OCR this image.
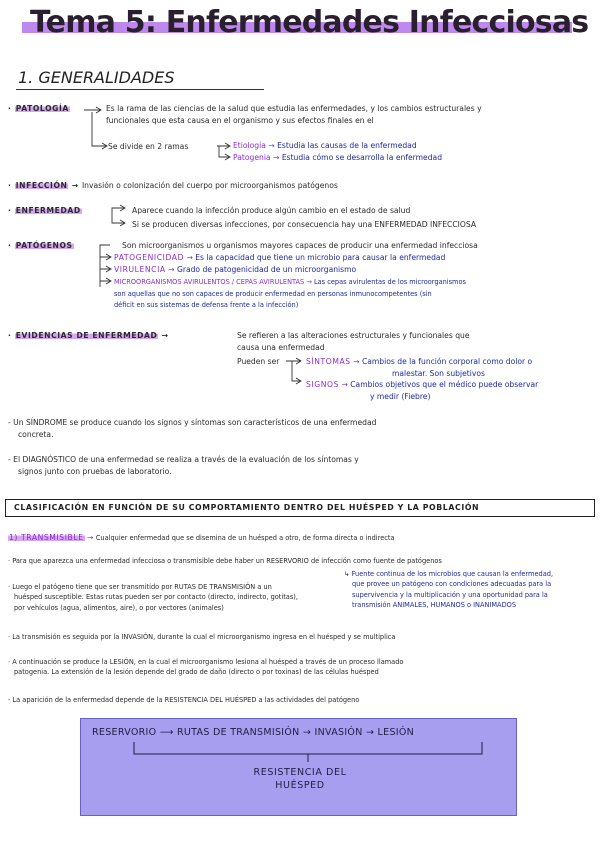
Tema 5: Enfermedades Infecciosas
1. GENERALIDADES
· PATOLOGÍA	Es la rama de las ciencias de la salud que estudia las enfermedades, y los cambios estructurales y
funcionales que esta causa en el organismo y sus efectos finales en el
Se divide en 2 ramas	Etiología → Estudia las causas de la enfermedad
Patogenia → Estudia cómo se desarrolla la enfermedad
· INFECCIÓN → Invasión o colonización del cuerpo por microorganismos patógenos
· ENFERMEDAD	Aparece cuando la infección produce algún cambio en el estado de salud
Si se producen diversas infecciones, por consecuencia hay una ENFERMEDAD INFECCIOSA
· PATÓGENOS	Son microorganismos u organismos mayores capaces de producir una enfermedad infecciosa
PATOGENICIDAD → Es la capacidad que tiene un microbio para causar la enfermedad
VIRULENCIA → Grado de patogenicidad de un microorganismo
MICROORGANISMOS AVIRULENTOS / CEPAS AVIRULENTAS → Las cepas avirulentas de los microorganismos
son aquellas que no son capaces de producir enfermedad en personas inmunocompetentes (sin
déficit en sus sistemas de defensa frente a la infección)
· EVIDENCIAS DE ENFERMEDAD →	Se refieren a las alteraciones estructurales y funcionales que
causa una enfermedad
Pueden ser	SÍNTOMAS → Cambios de la función corporal como dolor o
malestar. Son subjetivos
SIGNOS → Cambios objetivos que el médico puede observar
y medir (Fiebre)
- Un SÍNDROME se produce cuando los signos y síntomas son característicos de una enfermedad
concreta.
- El DIAGNÓSTICO de una enfermedad se realiza a través de la evaluación de los síntomas y
signos junto con pruebas de laboratorio.
CLASIFICACIÓN EN FUNCIÓN DE SU COMPORTAMIENTO DENTRO DEL HUÉSPED Y LA POBLACIÓN
1) TRANSMISIBLE → Cualquier enfermedad que se disemina de un huésped a otro, de forma directa o indirecta
· Para que aparezca una enfermedad infecciosa o transmisible debe haber un RESERVORIO de infección como fuente de patógenos
↳ Fuente continua de los microbios que causan la enfermedad,
que provee un patógeno con condiciones adecuadas para la
supervivencia y la multiplicación y una oportunidad para la
transmisión ANIMALES, HUMANOS o INANIMADOS
· Luego el patógeno tiene que ser transmitido por RUTAS DE TRANSMISIÓN a un
huésped susceptible. Estas rutas pueden ser por contacto (directo, indirecto, gotitas),
por vehículos (agua, alimentos, aire), o por vectores (animales)
· La transmisión es seguida por la INVASIÓN, durante la cual el microorganismo ingresa en el huésped y se multiplica
· A continuación se produce la LESIÓN, en la cual el microorganismo lesiona al huésped a través de un proceso llamado
patogenia. La extensión de la lesión depende del grado de daño (directo o por toxinas) de las células huésped
- La aparición de la enfermedad depende de la RESISTENCIA DEL HUÉSPED a las actividades del patógeno
RESERVORIO ⟶ RUTAS DE TRANSMISIÓN → INVASIÓN → LESIÓN
RESISTENCIA DEL
HUÉSPED
